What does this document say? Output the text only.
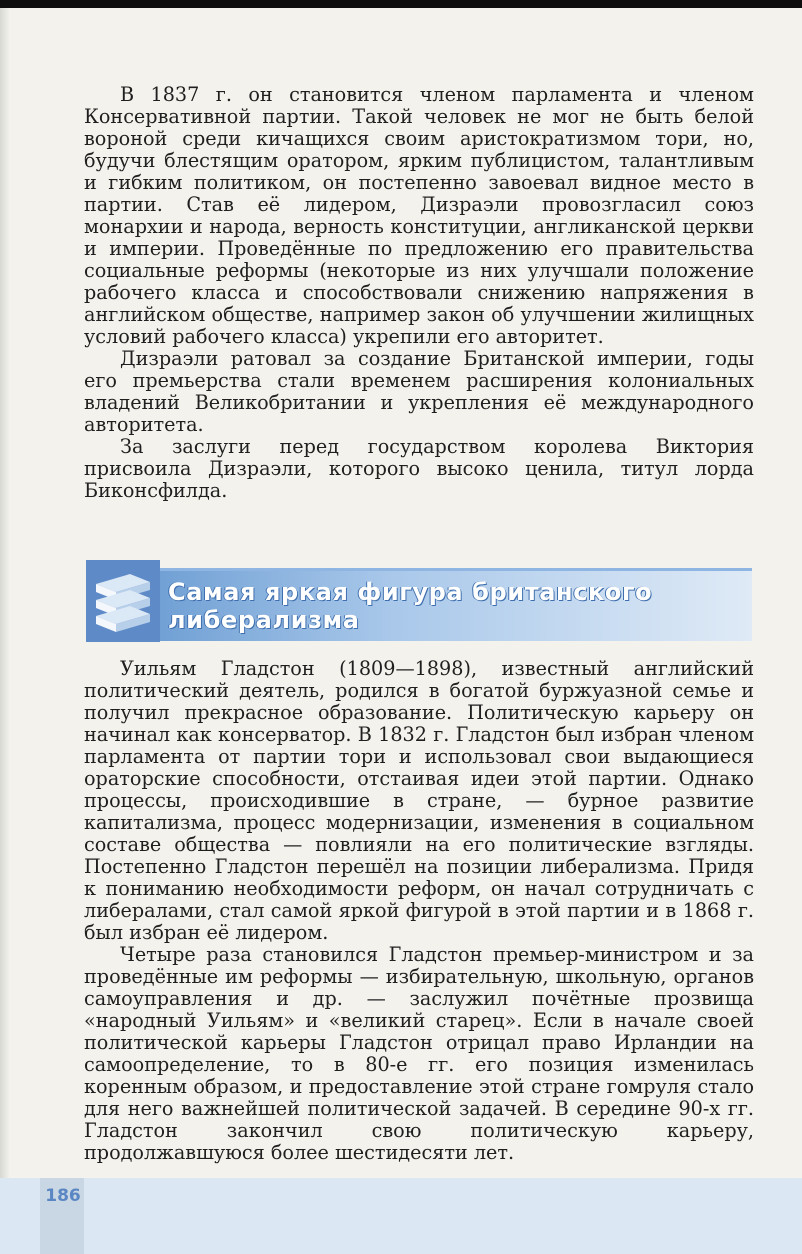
В 1837 г. он становится членом парламента и членом Консервативной партии. Такой человек не мог не быть белой вороной среди кичащихся своим аристократизмом тори, но, будучи блестящим оратором, ярким публицистом, талантливым и гибким политиком, он постепенно завоевал видное место в партии. Став её лидером, Дизраэли провозгласил союз монархии и народа, верность конституции, англиканской церкви и империи. Проведённые по предложению его правительства социальные реформы (некоторые из них улучшали положение рабочего класса и способствовали снижению напряжения в английском обществе, например закон об улучшении жилищных условий рабочего класса) укрепили его авторитет.

Дизраэли ратовал за создание Британской империи, годы его премьерства стали временем расширения колониальных владений Великобритании и укрепления её международного авторитета.

За заслуги перед государством королева Виктория присвоила Дизраэли, которого высоко ценила, титул лорда Биконсфилда.

Самая яркая фигура британского либерализма

Уильям Гладстон (1809—1898), известный английский политический деятель, родился в богатой буржуазной семье и получил прекрасное образование. Политическую карьеру он начинал как консерватор. В 1832 г. Гладстон был избран членом парламента от партии тори и использовал свои выдающиеся ораторские способности, отстаивая идеи этой партии. Однако процессы, происходившие в стране, — бурное развитие капитализма, процесс модернизации, изменения в социальном составе общества — повлияли на его политические взгляды. Постепенно Гладстон перешёл на позиции либерализма. Придя к пониманию необходимости реформ, он начал сотрудничать с либералами, стал самой яркой фигурой в этой партии и в 1868 г. был избран её лидером.

Четыре раза становился Гладстон премьер-министром и за проведённые им реформы — избирательную, школьную, органов самоуправления и др. — заслужил почётные прозвища «народный Уильям» и «великий старец». Если в начале своей политической карьеры Гладстон отрицал право Ирландии на самоопределение, то в 80-е гг. его позиция изменилась коренным образом, и предоставление этой стране гомруля стало для него важнейшей политической задачей. В середине 90-х гг. Гладстон закончил свою политическую карьеру, продолжавшуюся более шестидесяти лет.

186
